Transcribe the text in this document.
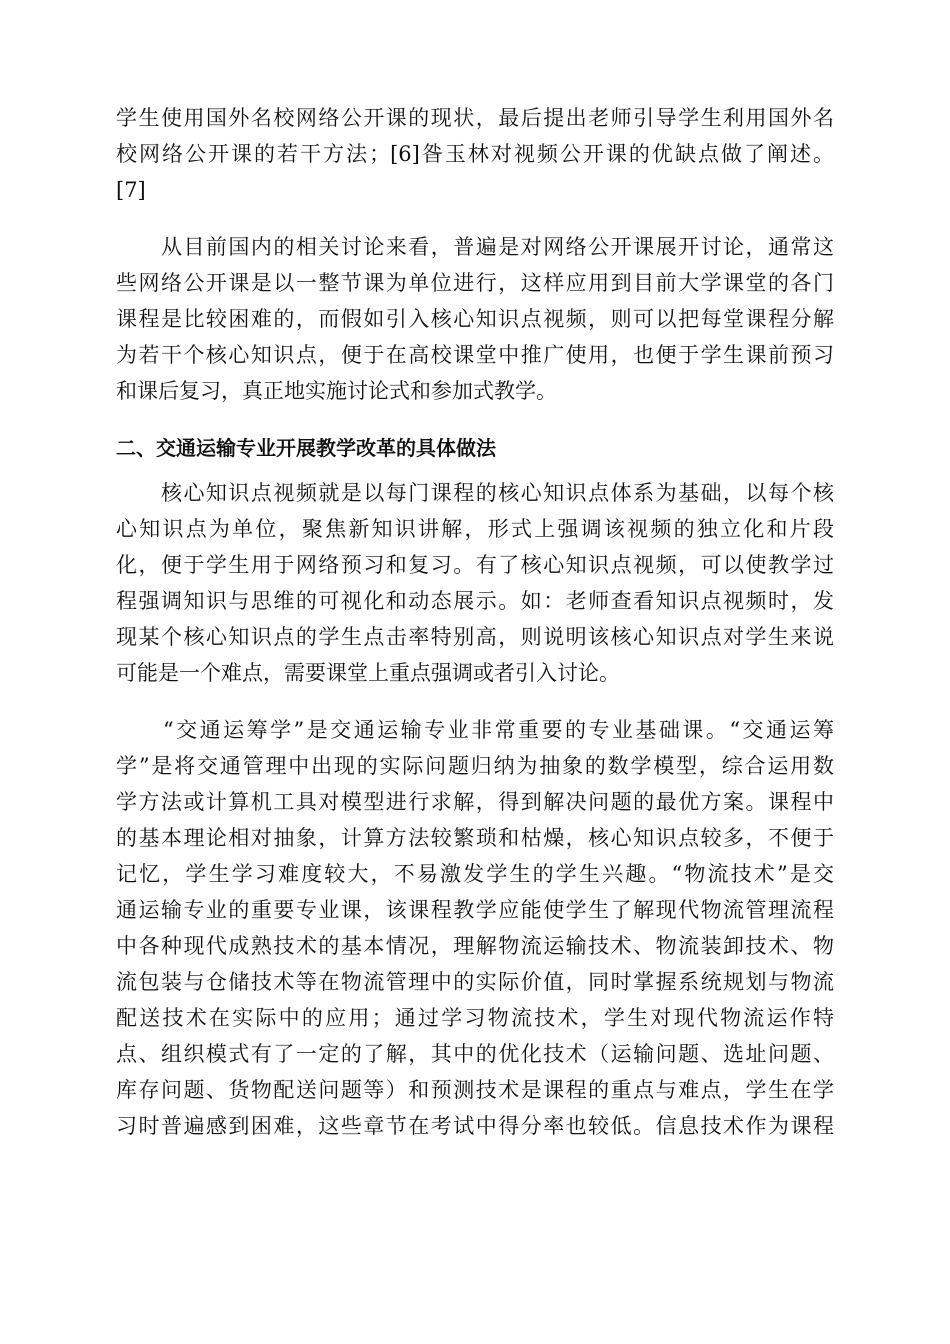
学生使用国外名校网络公开课的现状，最后提出老师引导学生利用国外名
校网络公开课的若干方法；[6]昝玉林对视频公开课的优缺点做了阐述。
[7]
　　从目前国内的相关讨论来看，普遍是对网络公开课展开讨论，通常这
些网络公开课是以一整节课为单位进行，这样应用到目前大学课堂的各门
课程是比较困难的，而假如引入核心知识点视频，则可以把每堂课程分解
为若干个核心知识点，便于在高校课堂中推广使用，也便于学生课前预习
和课后复习，真正地实施讨论式和参加式教学。
二、交通运输专业开展教学改革的具体做法
　　核心知识点视频就是以每门课程的核心知识点体系为基础，以每个核
心知识点为单位，聚焦新知识讲解，形式上强调该视频的独立化和片段
化，便于学生用于网络预习和复习。有了核心知识点视频，可以使教学过
程强调知识与思维的可视化和动态展示。如：老师查看知识点视频时，发
现某个核心知识点的学生点击率特别高，则说明该核心知识点对学生来说
可能是一个难点，需要课堂上重点强调或者引入讨论。
　　“交通运筹学”是交通运输专业非常重要的专业基础课。“交通运筹
学”是将交通管理中出现的实际问题归纳为抽象的数学模型，综合运用数
学方法或计算机工具对模型进行求解，得到解决问题的最优方案。课程中
的基本理论相对抽象，计算方法较繁琐和枯燥，核心知识点较多，不便于
记忆，学生学习难度较大，不易激发学生的学生兴趣。“物流技术”是交
通运输专业的重要专业课，该课程教学应能使学生了解现代物流管理流程
中各种现代成熟技术的基本情况，理解物流运输技术、物流装卸技术、物
流包装与仓储技术等在物流管理中的实际价值，同时掌握系统规划与物流
配送技术在实际中的应用；通过学习物流技术，学生对现代物流运作特
点、组织模式有了一定的了解，其中的优化技术（运输问题、选址问题、
库存问题、货物配送问题等）和预测技术是课程的重点与难点，学生在学
习时普遍感到困难，这些章节在考试中得分率也较低。信息技术作为课程
